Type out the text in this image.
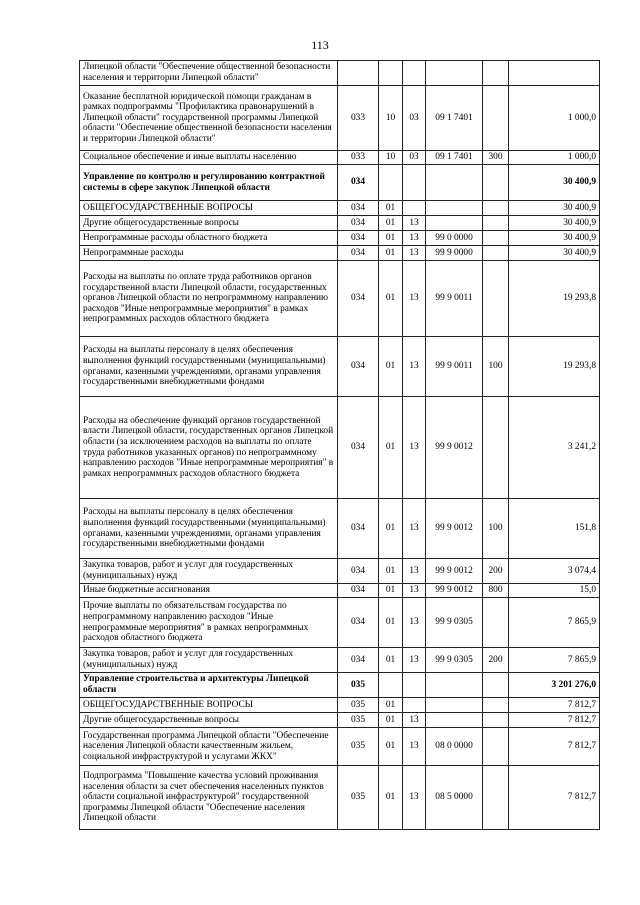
113
Липецкой области "Обеспечение общественной безопасности населения и территории Липецкой области"						
Оказание бесплатной юридической помощи гражданам в рамках подпрограммы "Профилактика правонарушений в Липецкой области" государственной программы Липецкой области "Обеспечение общественной безопасности населения и территории Липецкой области"	033	10	03	09 1 7401		1 000,0
Социальное обеспечение и иные выплаты населению	033	10	03	09 1 7401	300	1 000,0
Управление по контролю и регулированию контрактной системы в сфере закупок Липецкой области	034					30 400,9
ОБЩЕГОСУДАРСТВЕННЫЕ ВОПРОСЫ	034	01				30 400,9
Другие общегосударственные вопросы	034	01	13			30 400,9
Непрограммные расходы областного бюджета	034	01	13	99 0 0000		30 400,9
Непрограммные расходы	034	01	13	99 9 0000		30 400,9
Расходы на выплаты по оплате труда работников органов государственной власти Липецкой области, государственных органов Липецкой области по непрограммному направлению расходов "Иные непрограммные мероприятия" в рамках непрограммных расходов областного бюджета	034	01	13	99 9 0011		19 293,8
Расходы на выплаты персоналу в целях обеспечения выполнения функций государственными (муниципальными) органами, казенными учреждениями, органами управления государственными внебюджетными фондами	034	01	13	99 9 0011	100	19 293,8
Расходы на обеспечение функций органов государственной власти Липецкой области, государственных органов Липецкой области (за исключением расходов на выплаты по оплате труда работников указанных органов) по непрограммному направлению расходов "Иные непрограммные мероприятия" в рамках непрограммных расходов областного бюджета	034	01	13	99 9 0012		3 241,2
Расходы на выплаты персоналу в целях обеспечения выполнения функций государственными (муниципальными) органами, казенными учреждениями, органами управления государственными внебюджетными фондами	034	01	13	99 9 0012	100	151,8
Закупка товаров, работ и услуг для государственных (муниципальных) нужд	034	01	13	99 9 0012	200	3 074,4
Иные бюджетные ассигнования	034	01	13	99 9 0012	800	15,0
Прочие выплаты по обязательствам государства по непрограммному направлению расходов "Иные непрограммные мероприятия" в рамках непрограммных расходов областного бюджета	034	01	13	99 9 0305		7 865,9
Закупка товаров, работ и услуг для государственных (муниципальных) нужд	034	01	13	99 9 0305	200	7 865,9
Управление строительства и архитектуры Липецкой области	035					3 201 276,0
ОБЩЕГОСУДАРСТВЕННЫЕ ВОПРОСЫ	035	01				7 812,7
Другие общегосударственные вопросы	035	01	13			7 812,7
Государственная программа Липецкой области "Обеспечение населения Липецкой области качественным жильем, социальной инфраструктурой и услугами ЖКХ"	035	01	13	08 0 0000		7 812,7
Подпрограмма "Повышение качества условий проживания населения области за счет обеспечения населенных пунктов области социальной инфраструктурой" государственной программы Липецкой области "Обеспечение населения Липецкой области	035	01	13	08 5 0000		7 812,7
